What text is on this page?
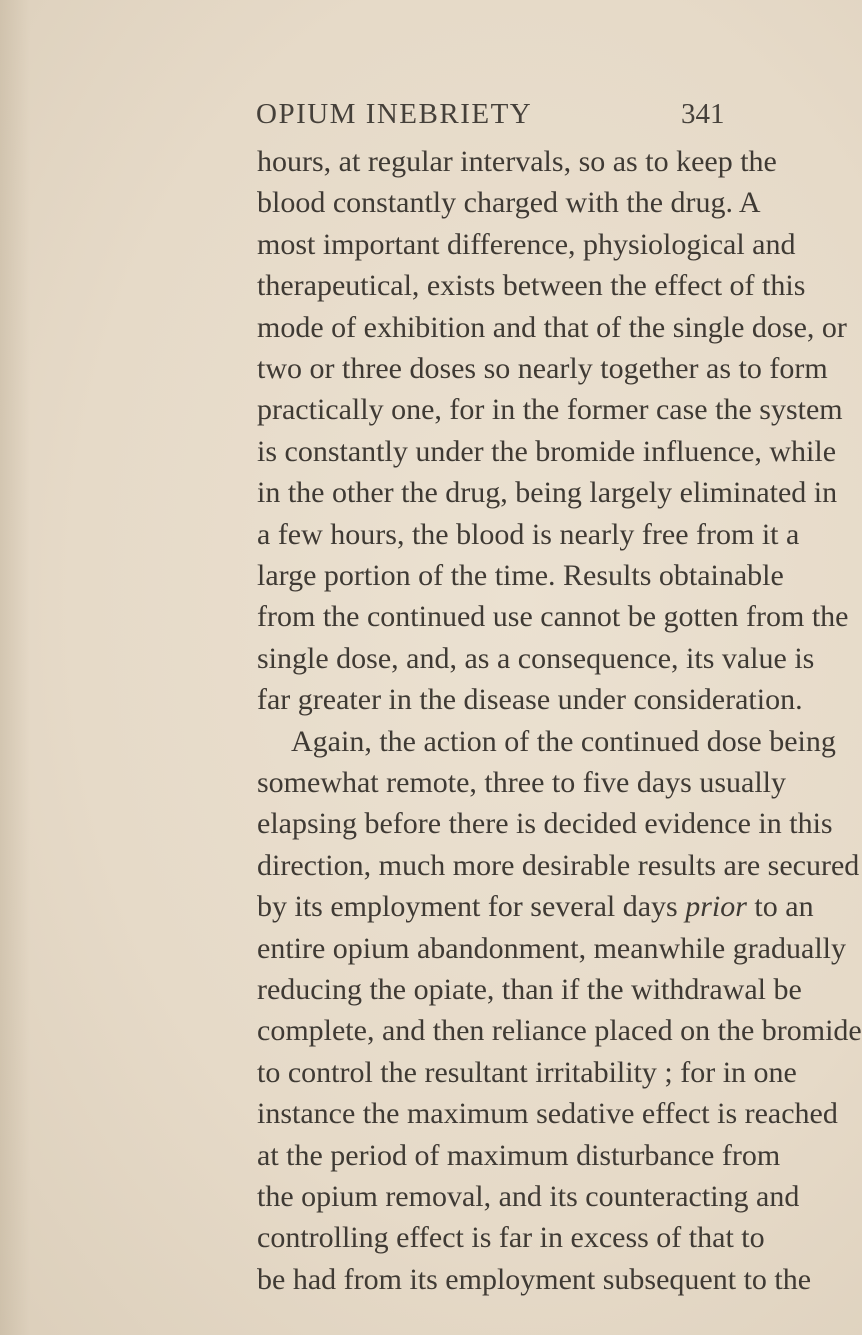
OPIUM INEBRIETY	341
hours, at regular intervals, so as to keep the
blood constantly charged with the drug. A
most important difference, physiological and
therapeutical, exists between the effect of this
mode of exhibition and that of the single dose, or
two or three doses so nearly together as to form
practically one, for in the former case the system
is constantly under the bromide influence, while
in the other the drug, being largely eliminated in
a few hours, the blood is nearly free from it a
large portion of the time. Results obtainable
from the continued use cannot be gotten from the
single dose, and, as a consequence, its value is
far greater in the disease under consideration.
Again, the action of the continued dose being
somewhat remote, three to five days usually
elapsing before there is decided evidence in this
direction, much more desirable results are secured
by its employment for several days prior to an
entire opium abandonment, meanwhile gradually
reducing the opiate, than if the withdrawal be
complete, and then reliance placed on the bromide
to control the resultant irritability ; for in one
instance the maximum sedative effect is reached
at the period of maximum disturbance from
the opium removal, and its counteracting and
controlling effect is far in excess of that to
be had from its employment subsequent to the
